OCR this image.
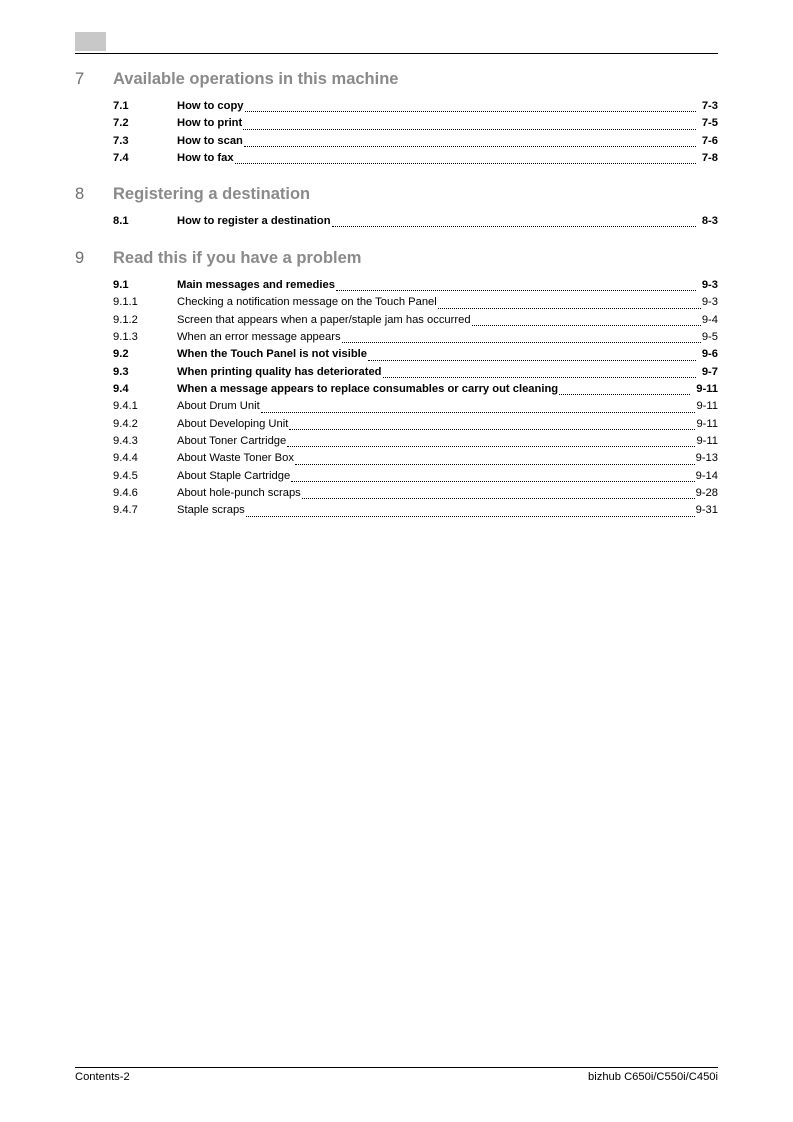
7	Available operations in this machine
7.1	How to copy	7-3
7.2	How to print	7-5
7.3	How to scan	7-6
7.4	How to fax	7-8
8	Registering a destination
8.1	How to register a destination	8-3
9	Read this if you have a problem
9.1	Main messages and remedies	9-3
9.1.1	Checking a notification message on the Touch Panel	9-3
9.1.2	Screen that appears when a paper/staple jam has occurred	9-4
9.1.3	When an error message appears	9-5
9.2	When the Touch Panel is not visible	9-6
9.3	When printing quality has deteriorated	9-7
9.4	When a message appears to replace consumables or carry out cleaning	9-11
9.4.1	About Drum Unit	9-11
9.4.2	About Developing Unit	9-11
9.4.3	About Toner Cartridge	9-11
9.4.4	About Waste Toner Box	9-13
9.4.5	About Staple Cartridge	9-14
9.4.6	About hole-punch scraps	9-28
9.4.7	Staple scraps	9-31
Contents-2	bizhub C650i/C550i/C450i
